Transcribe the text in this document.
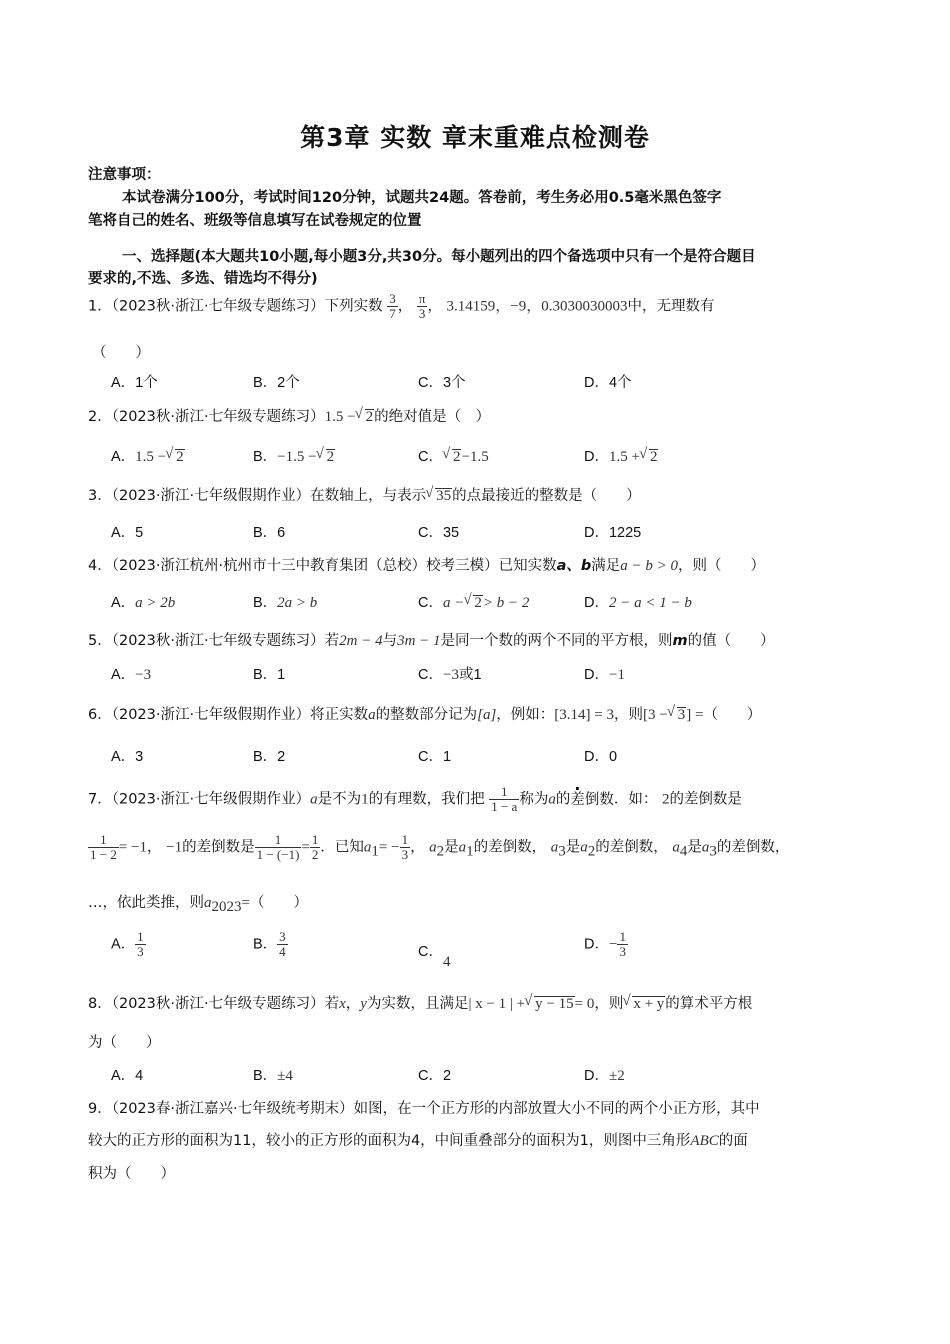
第3章 实数 章末重难点检测卷
注意事项：
本试卷满分100分，考试时间120分钟，试题共24题。答卷前，考生务必用0.5毫米黑色签字
笔将自己的姓名、班级等信息填写在试卷规定的位置
一、选择题(本大题共10小题,每小题3分,共30分。每小题列出的四个备选项中只有一个是符合题目
要求的,不选、多选、错选均不得分)
1．（2023秋·浙江·七年级专题练习）下列实数 $\frac{3}{7}$ ， $\frac{\pi}{3}$ ， 3.14159，−9，0.3030030003中，无理数有
（　　）
A．1个	B．2个	C．3个	D．4个
2．（2023秋·浙江·七年级专题练习）1.5 − √ 2的绝对值是（　）
A．1.5 − √ 2	B．−1.5 − √ 2	C． √ 2−1.5	D．1.5 + √ 2
3．（2023·浙江·七年级假期作业）在数轴上，与表示 √ 35的点最接近的整数是（　　）
A．5	B．6	C．35	D．1225
4．（2023·浙江杭州·杭州市十三中教育集团（总校）校考三模）已知实数a、b满足a − b > 0，则（　　）
A．a > 2b	B．2a > b	C．a − √ 2> b − 2	D．2 − a < 1 − b
5．（2023秋·浙江·七年级专题练习）若2m − 4与3m − 1是同一个数的两个不同的平方根，则m的值（　　）
A．−3	B．1	C．−3或1	D．−1
6．（2023·浙江·七年级假期作业）将正实数a的整数部分记为[a]，例如：[3.14] = 3，则[3 − √ 3] =（　　）
A．3	B．2	C．1	D．0
7．（2023·浙江·七年级假期作业）a是不为1的有理数，我们把 $\frac{1}{1 - a}$ 称为a的差倒数．如： 2的差倒数是
$\frac{1}{1 - 2} = -1$， −1的差倒数是 $\frac{1}{1 - (-1)} = \frac{1}{2}$ ．已知$a_1= - \frac{1}{3}$ ， $a_2$是$a_1$的差倒数， $a_3$是$a_2$的差倒数， $a_4$是$a_3$的差倒数，
…，依此类推，则$a_{2023}=$（　　）
A． $\frac{1}{3}$	B． $\frac{3}{4}$	C．4
D．− $\frac{1}{3}$
8．（2023秋·浙江·七年级专题练习）若x，y为实数，且满足| x − 1 | + √ y − 15= 0，则 √ x + y的算术平方根
为（　　）
A．4	B．±4	C．2	D．±2
9．（2023春·浙江嘉兴·七年级统考期末）如图，在一个正方形的内部放置大小不同的两个小正方形，其中
较大的正方形的面积为11，较小的正方形的面积为4，中间重叠部分的面积为1，则图中三角形ABC的面
积为（　　）
